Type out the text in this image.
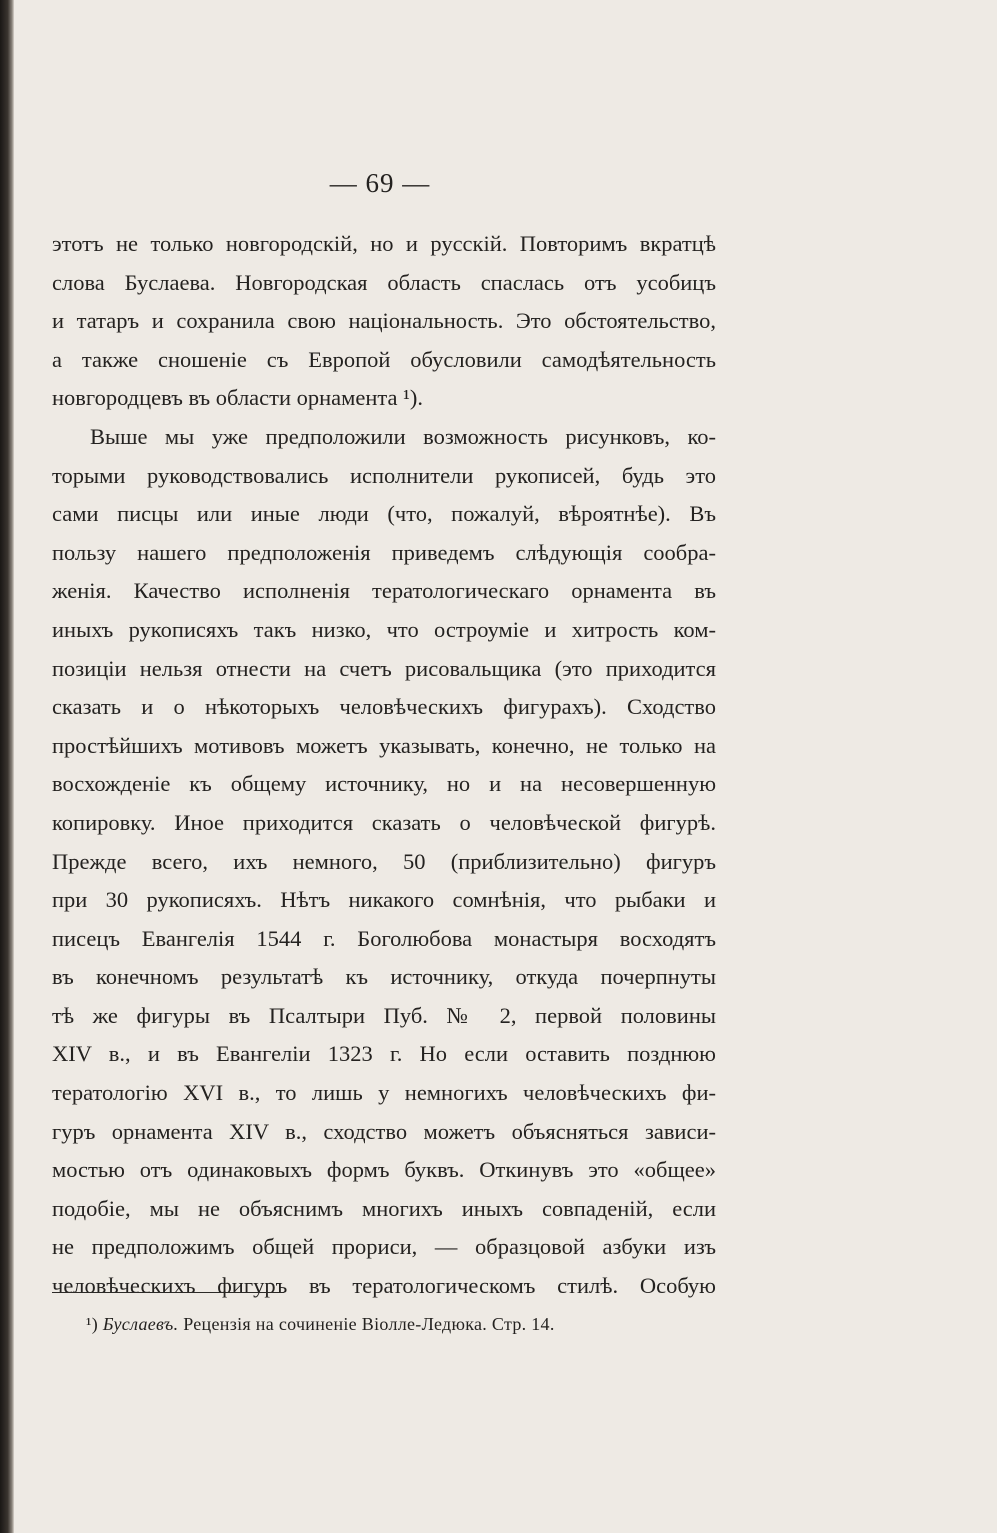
— 69 —
этотъ не только новгородскій, но и русскій. Повторимъ вкратцѣ
слова Буслаева. Новгородская область спаслась отъ усобицъ
и татаръ и сохранила свою національность. Это обстоятельство,
а также сношеніе съ Европой обусловили самодѣятельность
новгородцевъ въ области орнамента ¹).
Выше мы уже предположили возможность рисунковъ, ко-
торыми руководствовались исполнители рукописей, будь это
сами писцы или иные люди (что, пожалуй, вѣроятнѣе). Въ
пользу нашего предположенія приведемъ слѣдующія сообра-
женія. Качество исполненія тератологическаго орнамента въ
иныхъ рукописяхъ такъ низко, что остроуміе и хитрость ком-
позиціи нельзя отнести на счетъ рисовальщика (это приходится
сказать и о нѣкоторыхъ человѣческихъ фигурахъ). Сходство
простѣйшихъ мотивовъ можетъ указывать, конечно, не только на
восхожденіе къ общему источнику, но и на несовершенную
копировку. Иное приходится сказать о человѣческой фигурѣ.
Прежде всего, ихъ немного, 50 (приблизительно) фигуръ
при 30 рукописяхъ. Нѣтъ никакого сомнѣнія, что рыбаки и
писецъ Евангелія 1544 г. Боголюбова монастыря восходятъ
въ конечномъ результатѣ къ источнику, откуда почерпнуты
тѣ же фигуры въ Псалтыри Пуб. № 2, первой половины
XIV в., и въ Евангеліи 1323 г. Но если оставить позднюю
тератологію XVI в., то лишь у немногихъ человѣческихъ фи-
гуръ орнамента XIV в., сходство можетъ объясняться зависи-
мостью отъ одинаковыхъ формъ буквъ. Откинувъ это «общее»
подобіе, мы не объяснимъ многихъ иныхъ совпаденій, если
не предположимъ общей прориси, — образцовой азбуки изъ
человѣческихъ фигуръ въ тератологическомъ стилѣ. Особую
¹) Буслаевъ. Рецензія на сочиненіе Віолле-Ледюка. Стр. 14.
